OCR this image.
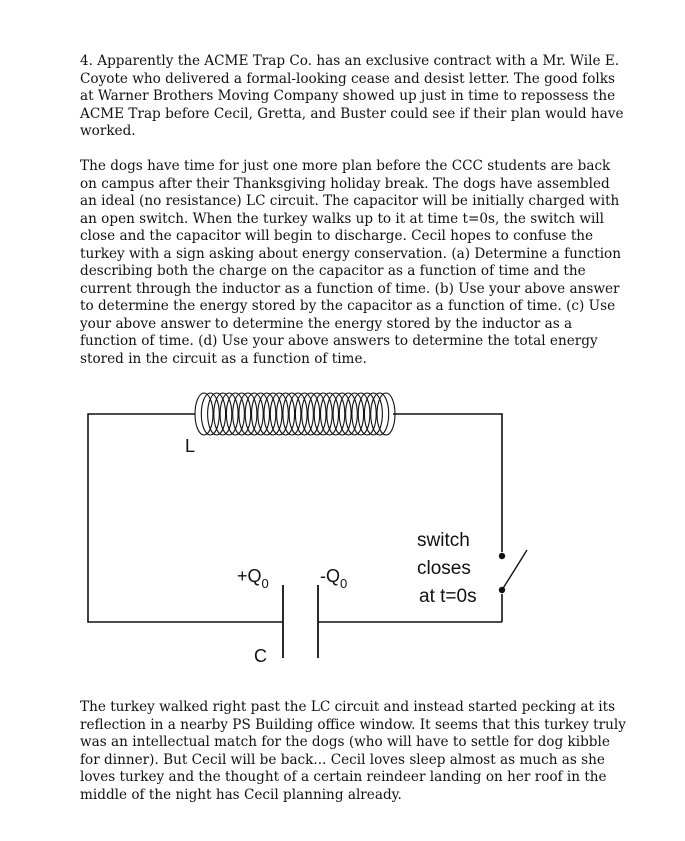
4. Apparently the ACME Trap Co. has an exclusive contract with a Mr. Wile E. Coyote who delivered a formal-looking cease and desist letter. The good folks at Warner Brothers Moving Company showed up just in time to repossess the ACME Trap before Cecil, Gretta, and Buster could see if their plan would have worked.

The dogs have time for just one more plan before the CCC students are back on campus after their Thanksgiving holiday break. The dogs have assembled an ideal (no resistance) LC circuit. The capacitor will be initially charged with an open switch. When the turkey walks up to it at time t=0s, the switch will close and the capacitor will begin to discharge. Cecil hopes to confuse the turkey with a sign asking about energy conservation. (a) Determine a function describing both the charge on the capacitor as a function of time and the current through the inductor as a function of time. (b) Use your above answer to determine the energy stored by the capacitor as a function of time. (c) Use your above answer to determine the energy stored by the inductor as a function of time. (d) Use your above answers to determine the total energy stored in the circuit as a function of time.

L
C
$+Q_0$	$-Q_0$
switch
closes
at t=0s

The turkey walked right past the LC circuit and instead started pecking at its reflection in a nearby PS Building office window. It seems that this turkey truly was an intellectual match for the dogs (who will have to settle for dog kibble for dinner). But Cecil will be back... Cecil loves sleep almost as much as she loves turkey and the thought of a certain reindeer landing on her roof in the middle of the night has Cecil planning already.
